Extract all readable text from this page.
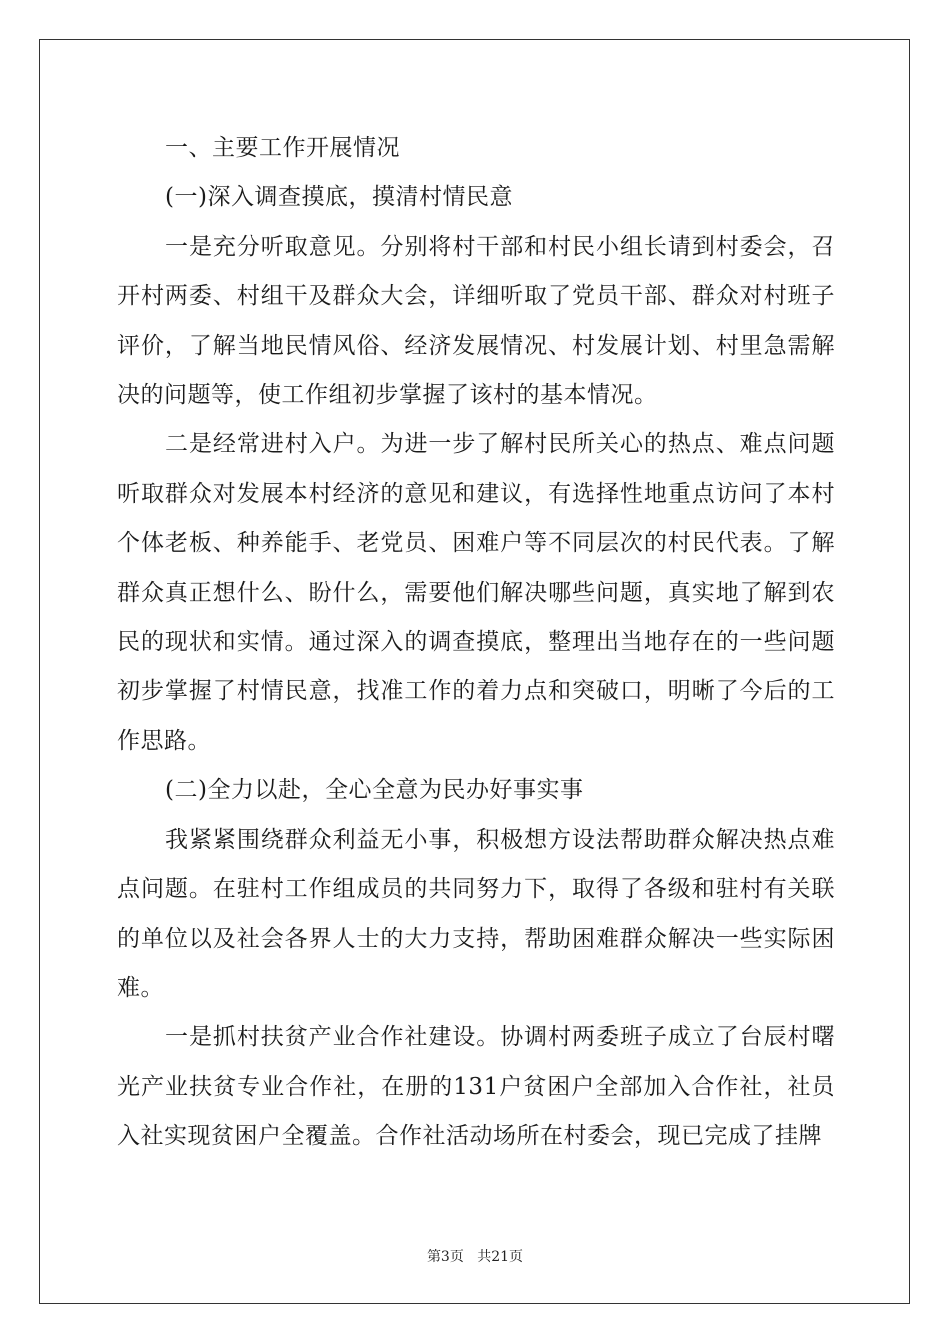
一、主要工作开展情况

(一)深入调查摸底，摸清村情民意

一是充分听取意见。分别将村干部和村民小组长请到村委会，召开村两委、村组干及群众大会，详细听取了党员干部、群众对村班子评价，了解当地民情风俗、经济发展情况、村发展计划、村里急需解决的问题等，使工作组初步掌握了该村的基本情况。

二是经常进村入户。为进一步了解村民所关心的热点、难点问题听取群众对发展本村经济的意见和建议，有选择性地重点访问了本村个体老板、种养能手、老党员、困难户等不同层次的村民代表。了解群众真正想什么、盼什么，需要他们解决哪些问题，真实地了解到农民的现状和实情。通过深入的调查摸底，整理出当地存在的一些问题初步掌握了村情民意，找准工作的着力点和突破口，明晰了今后的工作思路。

(二)全力以赴，全心全意为民办好事实事

我紧紧围绕群众利益无小事，积极想方设法帮助群众解决热点难点问题。在驻村工作组成员的共同努力下，取得了各级和驻村有关联的单位以及社会各界人士的大力支持，帮助困难群众解决一些实际困难。

一是抓村扶贫产业合作社建设。协调村两委班子成立了台辰村曙光产业扶贫专业合作社，在册的131户贫困户全部加入合作社，社员入社实现贫困户全覆盖。合作社活动场所在村委会，现已完成了挂牌

第3页 共21页
